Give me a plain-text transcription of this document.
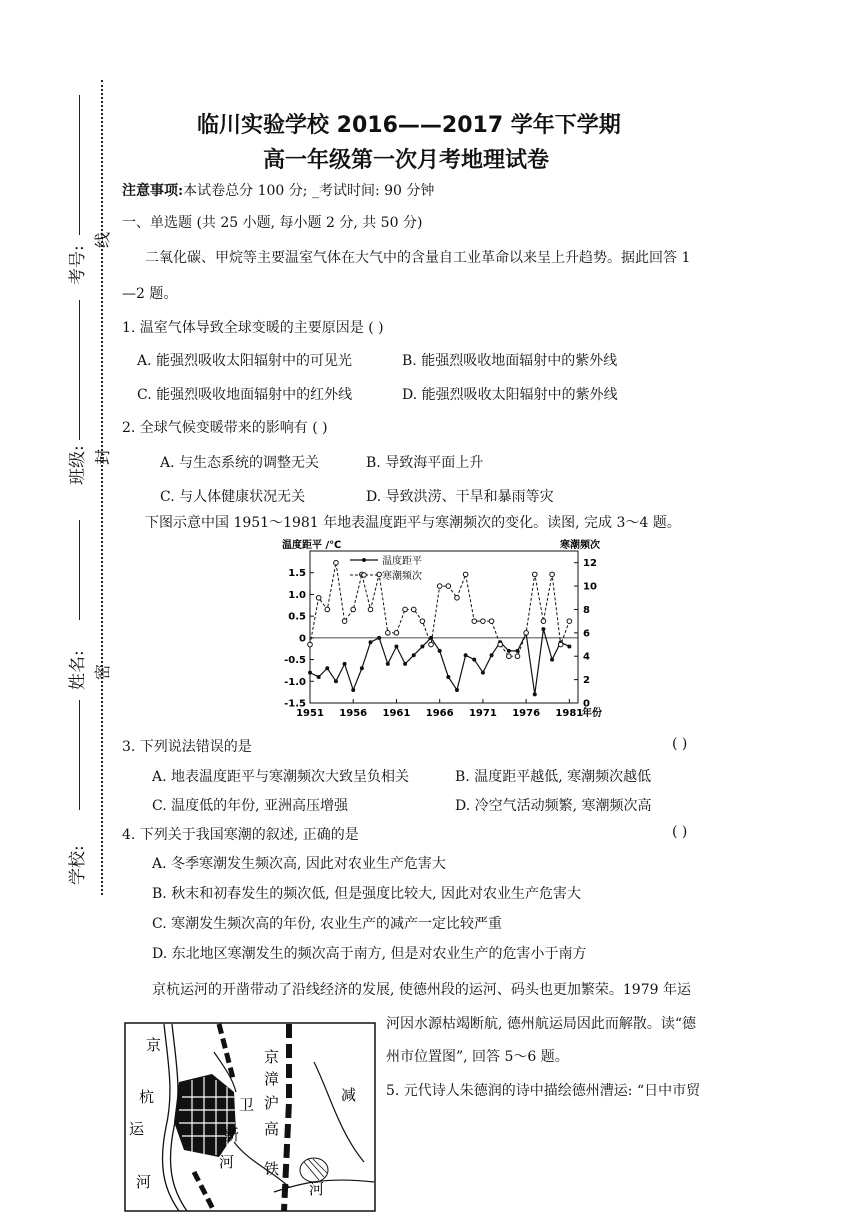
考号:
班级:
姓名:
学校:
线
封
密
临川实验学校 2016——2017 学年下学期
高一年级第一次月考地理试卷
注意事项:本试卷总分 100 分; _考试时间: 90 分钟
一、单选题 (共 25 小题, 每小题 2 分, 共 50 分)
二氧化碳、甲烷等主要温室气体在大气中的含量自工业革命以来呈上升趋势。据此回答 1
—2 题。
1. 温室气体导致全球变暖的主要原因是 ( )
A. 能强烈吸收太阳辐射中的可见光	B. 能强烈吸收地面辐射中的紫外线
C. 能强烈吸收地面辐射中的红外线	D. 能强烈吸收太阳辐射中的紫外线
2. 全球气候变暖带来的影响有 ( )
A. 与生态系统的调整无关	B. 导致海平面上升
C. 与人体健康状况无关	D. 导致洪涝、干旱和暴雨等灾
下图示意中国 1951～1981 年地表温度距平与寒潮频次的变化。读图, 完成 3～4 题。
温度距平 /℃	寒潮频次
1.5
1.0
0.5
0
-0.5
-1.0
-1.5
12
10
8
6
4
2
0
1951 1956 1961 1966 1971 1976 1981
年份
温度距平
寒潮频次
3. 下列说法错误的是	( )
A. 地表温度距平与寒潮频次大致呈负相关	B. 温度距平越低, 寒潮频次越低
C. 温度低的年份, 亚洲高压增强	D. 冷空气活动频繁, 寒潮频次高
4. 下列关于我国寒潮的叙述, 正确的是	( )
A. 冬季寒潮发生频次高, 因此对农业生产危害大
B. 秋末和初春发生的频次低, 但是强度比较大, 因此对农业生产危害大
C. 寒潮发生频次高的年份, 农业生产的减产一定比较严重
D. 东北地区寒潮发生的频次高于南方, 但是对农业生产的危害小于南方
京杭运河的开凿带动了沿线经济的发展, 使德州段的运河、码头也更加繁荣。1979 年运
河因水源枯竭断航, 德州航运局因此而解散。读“德
州市位置图”, 回答 5～6 题。
5. 元代诗人朱德润的诗中描绘德州漕运: “日中市贸
京
杭
运
河
卫
新
河
京
漳
沪
高
铁
减
河
